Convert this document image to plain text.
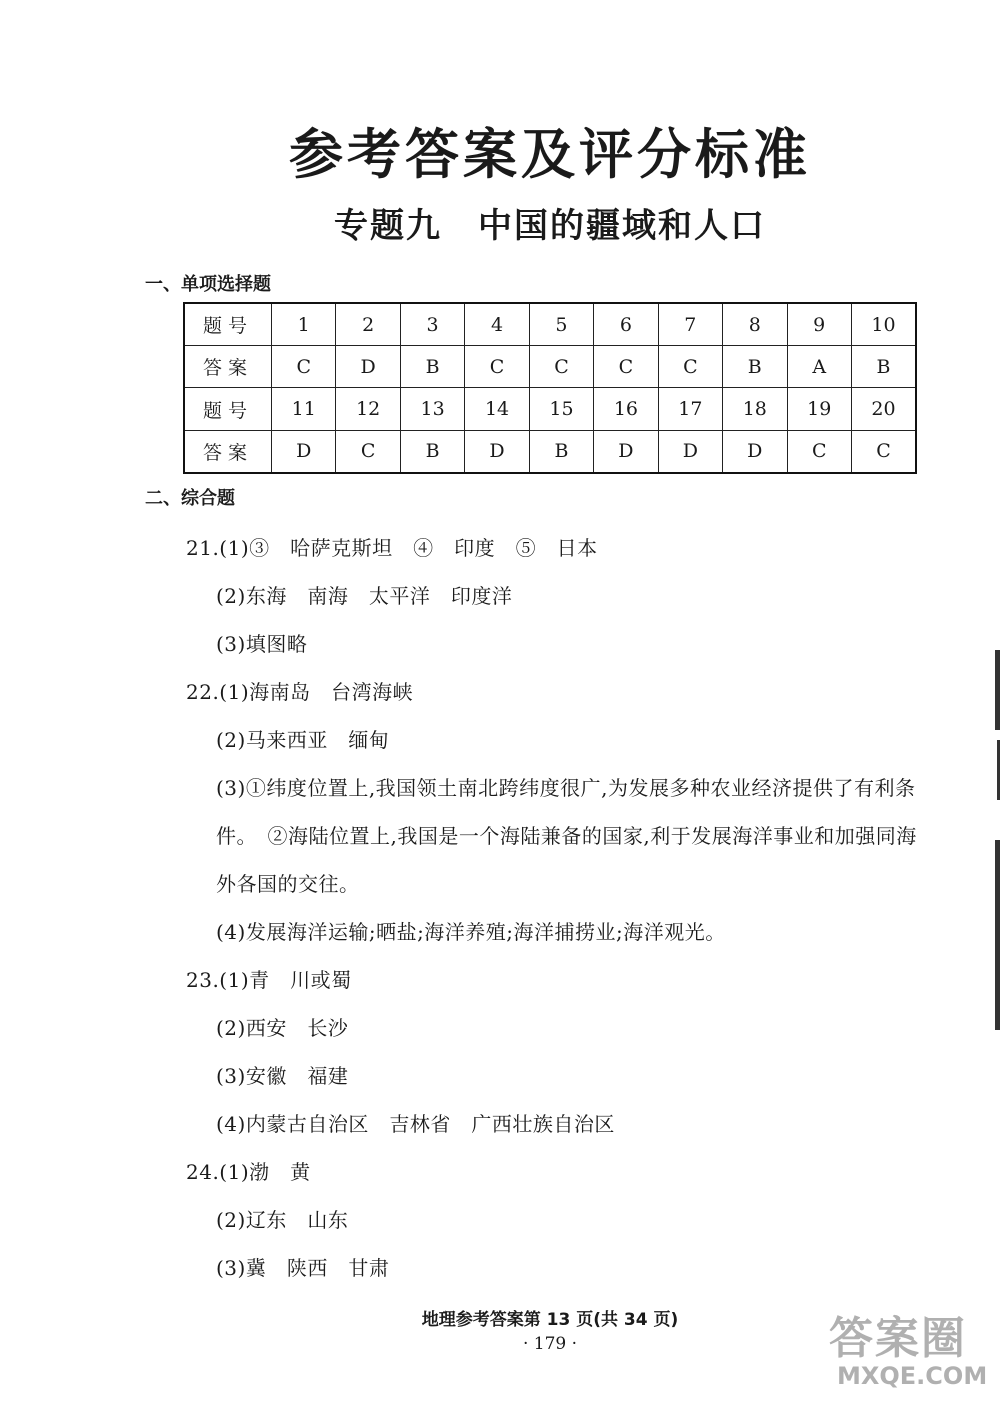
参考答案及评分标准
专题九　中国的疆域和人口
一、单项选择题
题号	1	2	3	4	5	6	7	8	9	10
答案	C	D	B	C	C	C	C	B	A	B
题号	11	12	13	14	15	16	17	18	19	20
答案	D	C	B	D	B	D	D	D	C	C
二、综合题
21.(1)③　哈萨克斯坦　④　印度　⑤　日本
(2)东海　南海　太平洋　印度洋
(3)填图略
22.(1)海南岛　台湾海峡
(2)马来西亚　缅甸
(3)①纬度位置上,我国领土南北跨纬度很广,为发展多种农业经济提供了有利条
件。　②海陆位置上,我国是一个海陆兼备的国家,利于发展海洋事业和加强同海
外各国的交往。
(4)发展海洋运输;晒盐;海洋养殖;海洋捕捞业;海洋观光。
23.(1)青　川或蜀
(2)西安　长沙
(3)安徽　福建
(4)内蒙古自治区　吉林省　广西壮族自治区
24.(1)渤　黄
(2)辽东　山东
(3)冀　陕西　甘肃
地理参考答案第 13 页(共 34 页)
· 179 ·	答案圈
MXQE.COM
